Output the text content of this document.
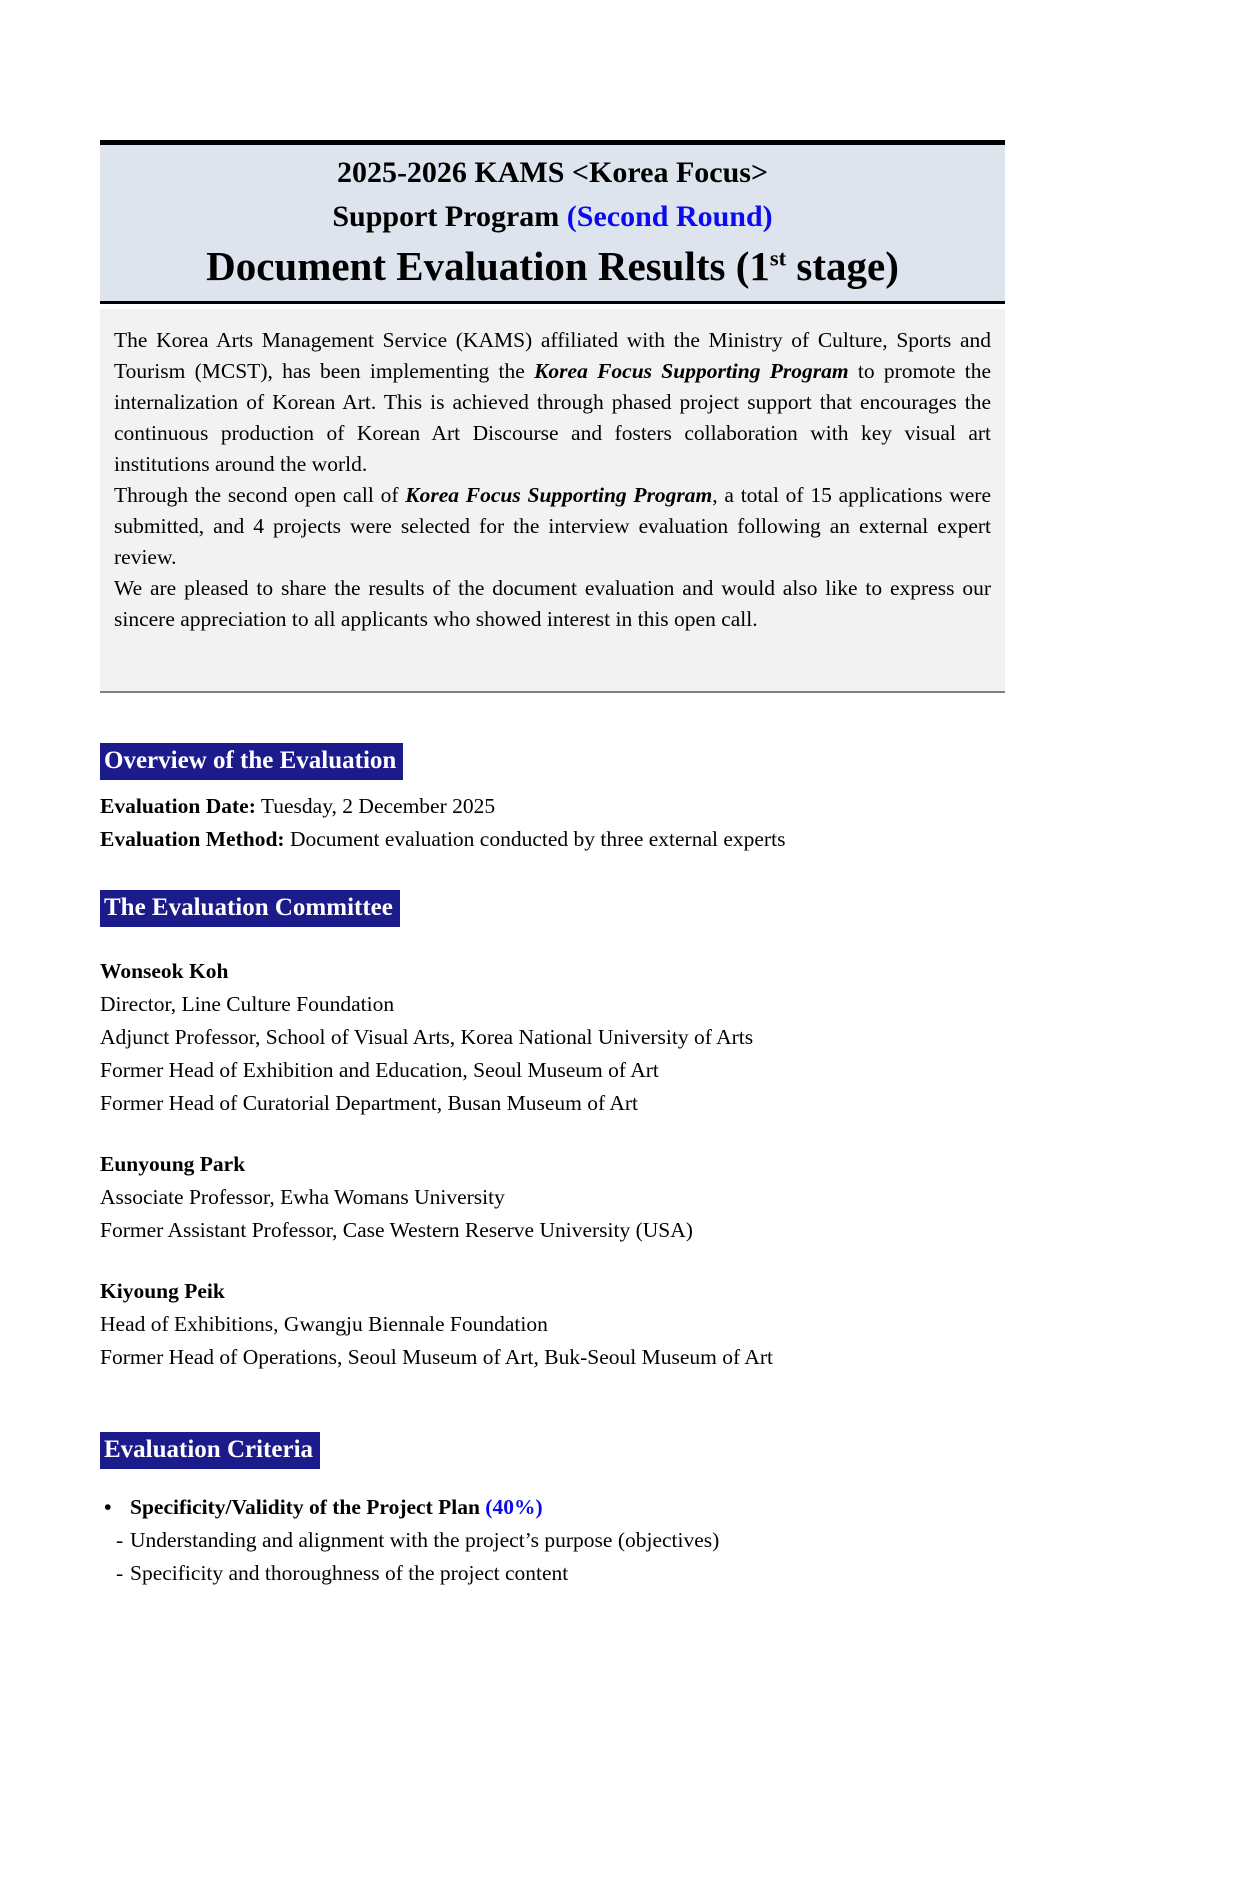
2025-2026 KAMS <Korea Focus>
Support Program (Second Round)
Document Evaluation Results (1st stage)

The Korea Arts Management Service (KAMS) affiliated with the Ministry of Culture, Sports and Tourism (MCST), has been implementing the Korea Focus Supporting Program to promote the internalization of Korean Art. This is achieved through phased project support that encourages the continuous production of Korean Art Discourse and fosters collaboration with key visual art institutions around the world.

Through the second open call of Korea Focus Supporting Program, a total of 15 applications were submitted, and 4 projects were selected for the interview evaluation following an external expert review.

We are pleased to share the results of the document evaluation and would also like to express our sincere appreciation to all applicants who showed interest in this open call.

Overview of the Evaluation
Evaluation Date: Tuesday, 2 December 2025
Evaluation Method: Document evaluation conducted by three external experts
The Evaluation Committee
Wonseok Koh
Director, Line Culture Foundation
Adjunct Professor, School of Visual Arts, Korea National University of Arts
Former Head of Exhibition and Education, Seoul Museum of Art
Former Head of Curatorial Department, Busan Museum of Art
Eunyoung Park
Associate Professor, Ewha Womans University
Former Assistant Professor, Case Western Reserve University (USA)
Kiyoung Peik
Head of Exhibitions, Gwangju Biennale Foundation
Former Head of Operations, Seoul Museum of Art, Buk-Seoul Museum of Art
Evaluation Criteria
• Specificity/Validity of the Project Plan (40%)
- Understanding and alignment with the project’s purpose (objectives)
- Specificity and thoroughness of the project content
